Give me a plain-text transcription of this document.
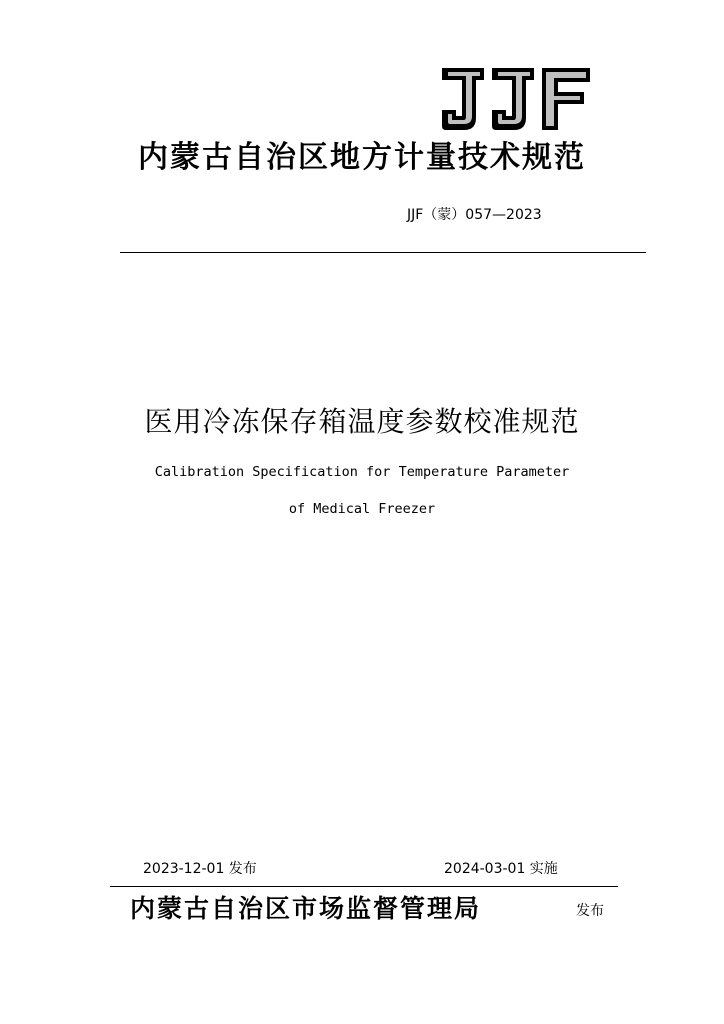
内蒙古自治区地方计量技术规范
JJF（蒙）057—2023
医用冷冻保存箱温度参数校准规范
Calibration Specification for Temperature Parameter
of Medical Freezer
2023-12-01 发布	2024-03-01 实施
内蒙古自治区市场监督管理局	发布
